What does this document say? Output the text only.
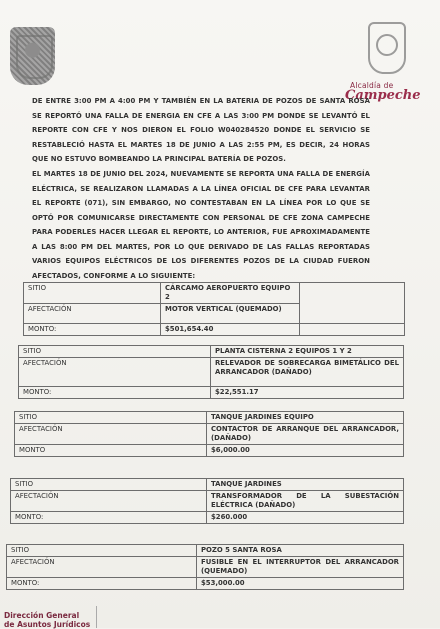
Alcaldía de
Campeche
DE ENTRE 3:00 PM A 4:00 PM Y TAMBIÉN EN LA BATERIA DE POZOS DE SANTA ROSA SE REPORTÓ UNA FALLA DE ENERGIA EN CFE A LAS 3:00 PM DONDE SE LEVANTÓ EL REPORTE CON CFE Y NOS DIERON EL FOLIO W040284520 DONDE EL SERVICIO SE RESTABLECIÓ HASTA EL MARTES 18 DE JUNIO A LAS 2:55 PM, ES DECIR, 24 HORAS QUE NO ESTUVO BOMBEANDO LA PRINCIPAL BATERÍA DE POZOS.
EL MARTES 18 DE JUNIO DEL 2024, NUEVAMENTE SE REPORTA UNA FALLA DE ENERGÍA ELÉCTRICA, SE REALIZARON LLAMADAS A LA LÍNEA OFICIAL DE CFE PARA LEVANTAR EL REPORTE (071), SIN EMBARGO, NO CONTESTABAN EN LA LÍNEA POR LO QUE SE OPTÓ POR COMUNICARSE DIRECTAMENTE CON PERSONAL DE CFE ZONA CAMPECHE PARA PODERLES HACER LLEGAR EL REPORTE, LO ANTERIOR, FUE APROXIMADAMENTE A LAS 8:00 PM DEL MARTES, POR LO QUE DERIVADO DE LAS FALLAS REPORTADAS VARIOS EQUIPOS ELÉCTRICOS DE LOS DIFERENTES POZOS DE LA CIUDAD FUERON AFECTADOS, CONFORME A LO SIGUIENTE:
SITIO	CÁRCAMO AEROPUERTO EQUIPO 2	
AFECTACIÓN	MOTOR VERTICAL (QUEMADO)	
MONTO:	$501,654.40	
SITIO	PLANTA CISTERNA 2 EQUIPOS 1 Y 2
AFECTACIÓN	RELEVADOR DE SOBRECARGA BIMETÁLICO DEL ARRANCADOR (DAÑADO)
MONTO:	$22,551.17
SITIO	TANQUE JARDINES EQUIPO
AFECTACIÓN	CONTACTOR DE ARRANQUE DEL ARRANCADOR, (DAÑADO)
MONTO	$6,000.00
SITIO	TANQUE JARDINES
AFECTACIÓN	TRANSFORMADOR DE LA SUBESTACIÓN ELÉCTRICA (DAÑADO)
MONTO:	$260.000
SITIO	POZO 5 SANTA ROSA
AFECTACIÓN	FUSIBLE EN EL INTERRUPTOR DEL ARRANCADOR (QUEMADO)
MONTO:	$53,000.00
Dirección General
de Asuntos Jurídicos
